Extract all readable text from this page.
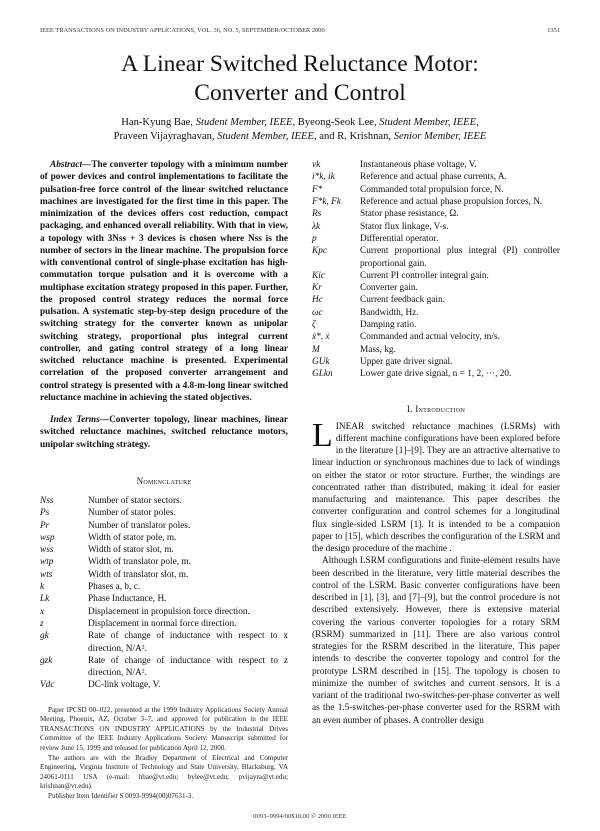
IEEE TRANSACTIONS ON INDUSTRY APPLICATIONS, VOL. 36, NO. 5, SEPTEMBER/OCTOBER 2000	1351
A Linear Switched Reluctance Motor:
Converter and Control
Han-Kyung Bae, Student Member, IEEE, Byeong-Seok Lee, Student Member, IEEE,
Praveen Vijayraghavan, Student Member, IEEE, and R. Krishnan, Senior Member, IEEE

Abstract—The converter topology with a minimum number of power devices and control implementations to facilitate the pulsation-free force control of the linear switched reluctance machines are investigated for the first time in this paper. The minimization of the devices offers cost reduction, compact packaging, and enhanced overall reliability. With that in view, a topology with 3Nss + 3 devices is chosen where Nss is the number of sectors in the linear machine. The propulsion force with conventional control of single-phase excitation has high-commutation torque pulsation and it is overcome with a multiphase excitation strategy proposed in this paper. Further, the proposed control strategy reduces the normal force pulsation. A systematic step-by-step design procedure of the switching strategy for the converter known as unipolar switching strategy, proportional plus integral current controller, and gating control strategy of a long linear switched reluctance machine is presented. Experimental correlation of the proposed converter arrangement and control strategy is presented with a 4.8-m-long linear switched reluctance machine in achieving the stated objectives.

Index Terms—Converter topology, linear machines, linear switched reluctance machines, switched reluctance motors, unipolar switching strategy.

Nomenclature
Nss	Number of stator sectors.
Ps	Number of stator poles.
Pr	Number of translator poles.
wsp	Width of stator pole, m.
wss	Width of stator slot, m.
wtp	Width of translator pole, m.
wts	Width of translator slot, m.
k	Phases a, b, c.
Lk	Phase Inductance, H.
x	Displacement in propulsion force direction.
z	Displacement in normal force direction.
gk	Rate of change of inductance with respect to x direction, N/A².
gzk	Rate of change of inductance with respect to z direction, N/A².
Vdc	DC-link voltage, V.

Paper IPCSD 00–022, presented at the 1999 Industry Applications Society Annual Meeting, Phoenix, AZ, October 3–7, and approved for publication in the IEEE TRANSACTIONS ON INDUSTRY APPLICATIONS by the Industrial Drives Committee of the IEEE Industry Applications Society. Manuscript submitted for review June 15, 1999 and released for publication April 12, 2000.

The authors are with the Bradley Department of Electrical and Computer Engineering, Virginia Institute of Technology and State University, Blacksburg, VA 24061-0111 USA (e-mail: hbae@vt.edu; bylee@vt.edu; pvijayra@vt.edu; krishnan@vt.edu).

Publisher Item Identifier S 0093-9994(00)07631-3.

vk	Instantaneous phase voltage, V.
i*k, ik	Reference and actual phase currents, A.
F*	Commanded total propulsion force, N.
F*k, Fk	Reference and actual phase propulsion forces, N.
Rs	Stator phase resistance, Ω.
λk	Stator flux linkage, V-s.
p	Differential operator.
Kpc	Current proportional plus integral (PI) controller proportional gain.
Kic	Current PI controller integral gain.
Kr	Converter gain.
Hc	Current feedback gain.
ωc	Bandwidth, Hz.
ζ	Damping ratio.
ẋ*, ẋ	Commanded and actual velocity, m/s.
M	Mass, kg.
GUk	Upper gate driver signal.
GLkn	Lower gate drive signal, n = 1, 2, ···, 20.
I. Introduction

LINEAR switched reluctance machines (LSRMs) with different machine configurations have been explored before in the literature [1]–[9]. They are an attractive alternative to linear induction or synchronous machines due to lack of windings on either the stator or rotor structure. Further, the windings are concentrated rather than distributed, making it ideal for easier manufacturing and maintenance. This paper describes the converter configuration and control schemes for a longitudinal flux single-sided LSRM [1]. It is intended to be a companion paper to [15], which describes the configuration of the LSRM and the design procedure of the machine .

Although LSRM configurations and finite-element results have been described in the literature, very little material describes the control of the LSRM. Basic converter configurations have been described in [1], [3], and [7]–[9], but the control procedure is not described extensively. However, there is extensive material covering the various converter topologies for a rotary SRM (RSRM) summarized in [11]. There are also various control strategies for the RSRM described in the literature. This paper intends to describe the converter topology and control for the prototype LSRM described in [15]. The topology is chosen to minimize the number of switches and current sensors. It is a variant of the traditional two-switches-per-phase converter as well as the 1.5-switches-per-phase converter used for the RSRM with an even number of phases. A controller design

0093–9994/00$10.00 © 2000 IEEE
